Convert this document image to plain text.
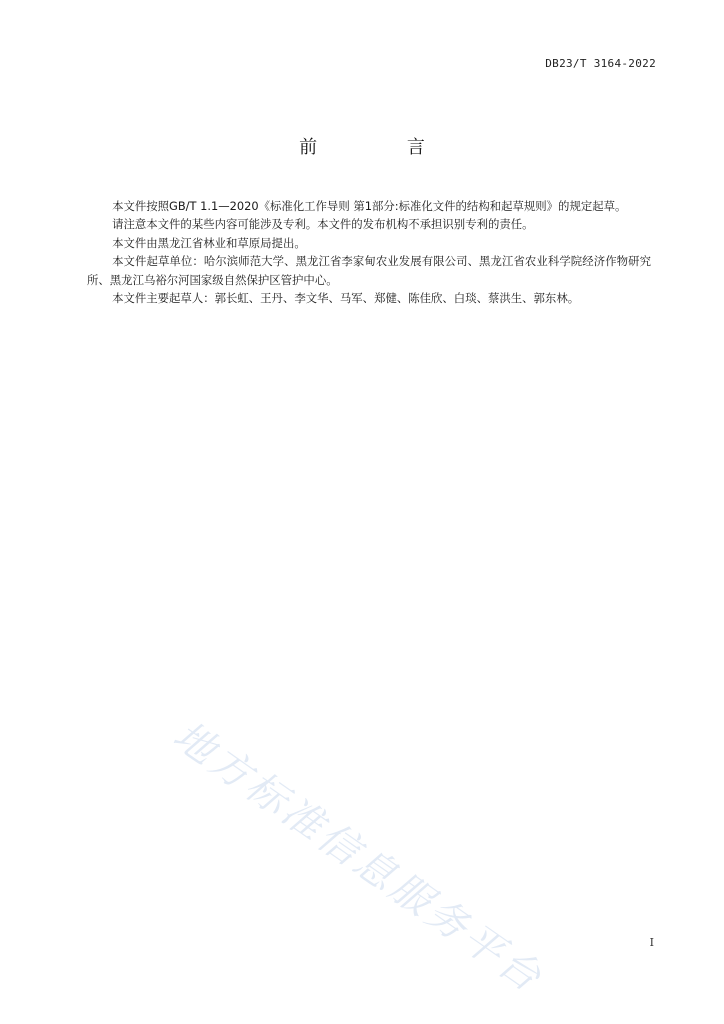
DB23/T 3164-2022
前 言

本文件按照GB/T 1.1—2020《标准化工作导则 第1部分:标准化文件的结构和起草规则》的规定起草。

请注意本文件的某些内容可能涉及专利。本文件的发布机构不承担识别专利的责任。

本文件由黑龙江省林业和草原局提出。

本文件起草单位：哈尔滨师范大学、黑龙江省李家甸农业发展有限公司、黑龙江省农业科学院经济作物研究所、黑龙江乌裕尔河国家级自然保护区管护中心。

本文件主要起草人：郭长虹、王丹、李文华、马军、郑健、陈佳欣、白琰、蔡洪生、郭东林。

地方标准信息服务平台	I
